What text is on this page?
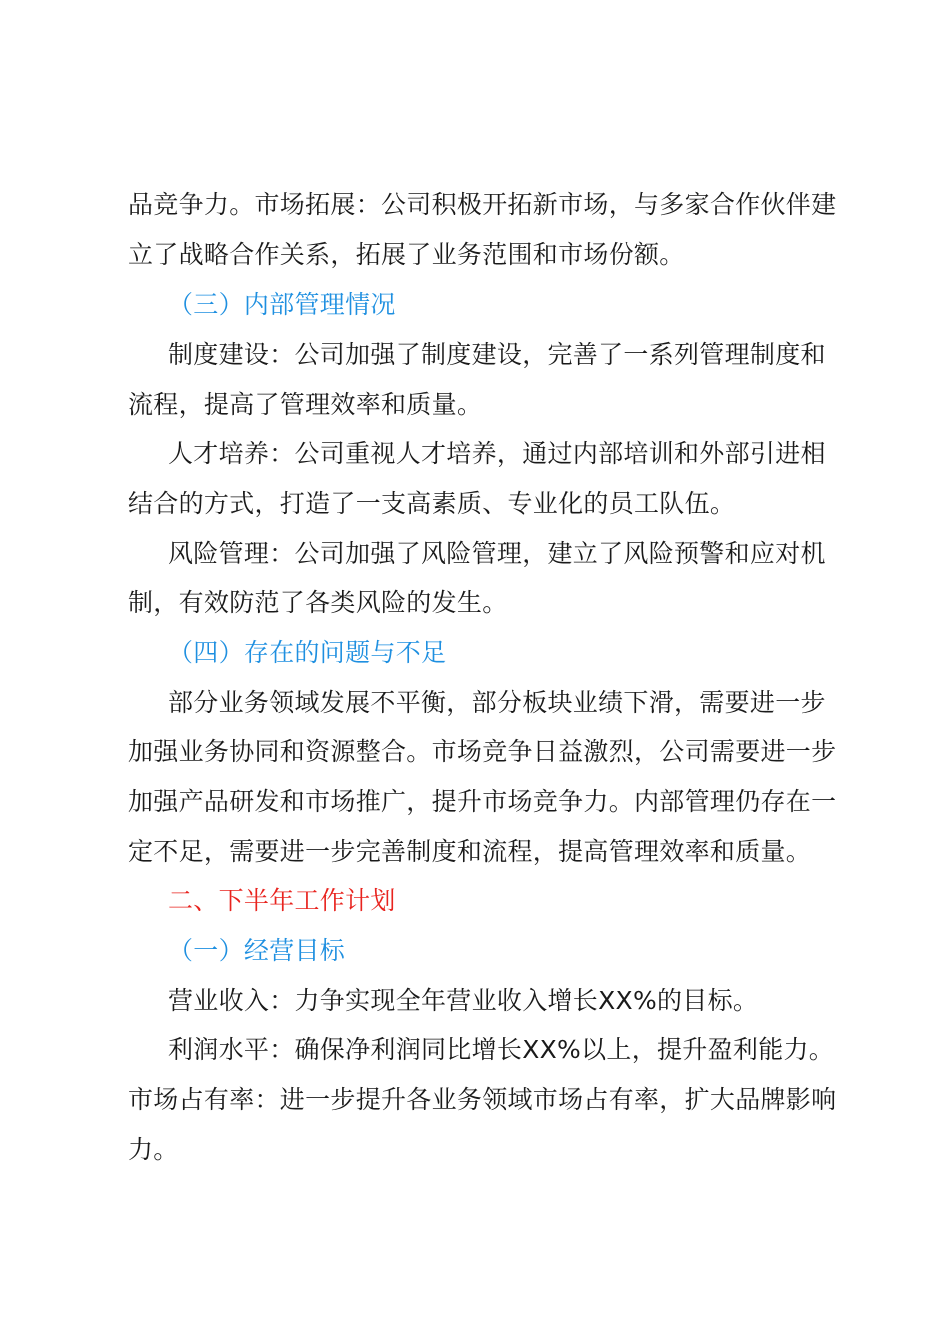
品竞争力。市场拓展：公司积极开拓新市场，与多家合作伙伴建
立了战略合作关系，拓展了业务范围和市场份额。
（三）内部管理情况
制度建设：公司加强了制度建设，完善了一系列管理制度和
流程，提高了管理效率和质量。
人才培养：公司重视人才培养，通过内部培训和外部引进相
结合的方式，打造了一支高素质、专业化的员工队伍。
风险管理：公司加强了风险管理，建立了风险预警和应对机
制，有效防范了各类风险的发生。
（四）存在的问题与不足
部分业务领域发展不平衡，部分板块业绩下滑，需要进一步
加强业务协同和资源整合。市场竞争日益激烈，公司需要进一步
加强产品研发和市场推广，提升市场竞争力。内部管理仍存在一
定不足，需要进一步完善制度和流程，提高管理效率和质量。
二、下半年工作计划
（一）经营目标
营业收入：力争实现全年营业收入增长XX%的目标。
利润水平：确保净利润同比增长XX%以上，提升盈利能力。
市场占有率：进一步提升各业务领域市场占有率，扩大品牌影响
力。
